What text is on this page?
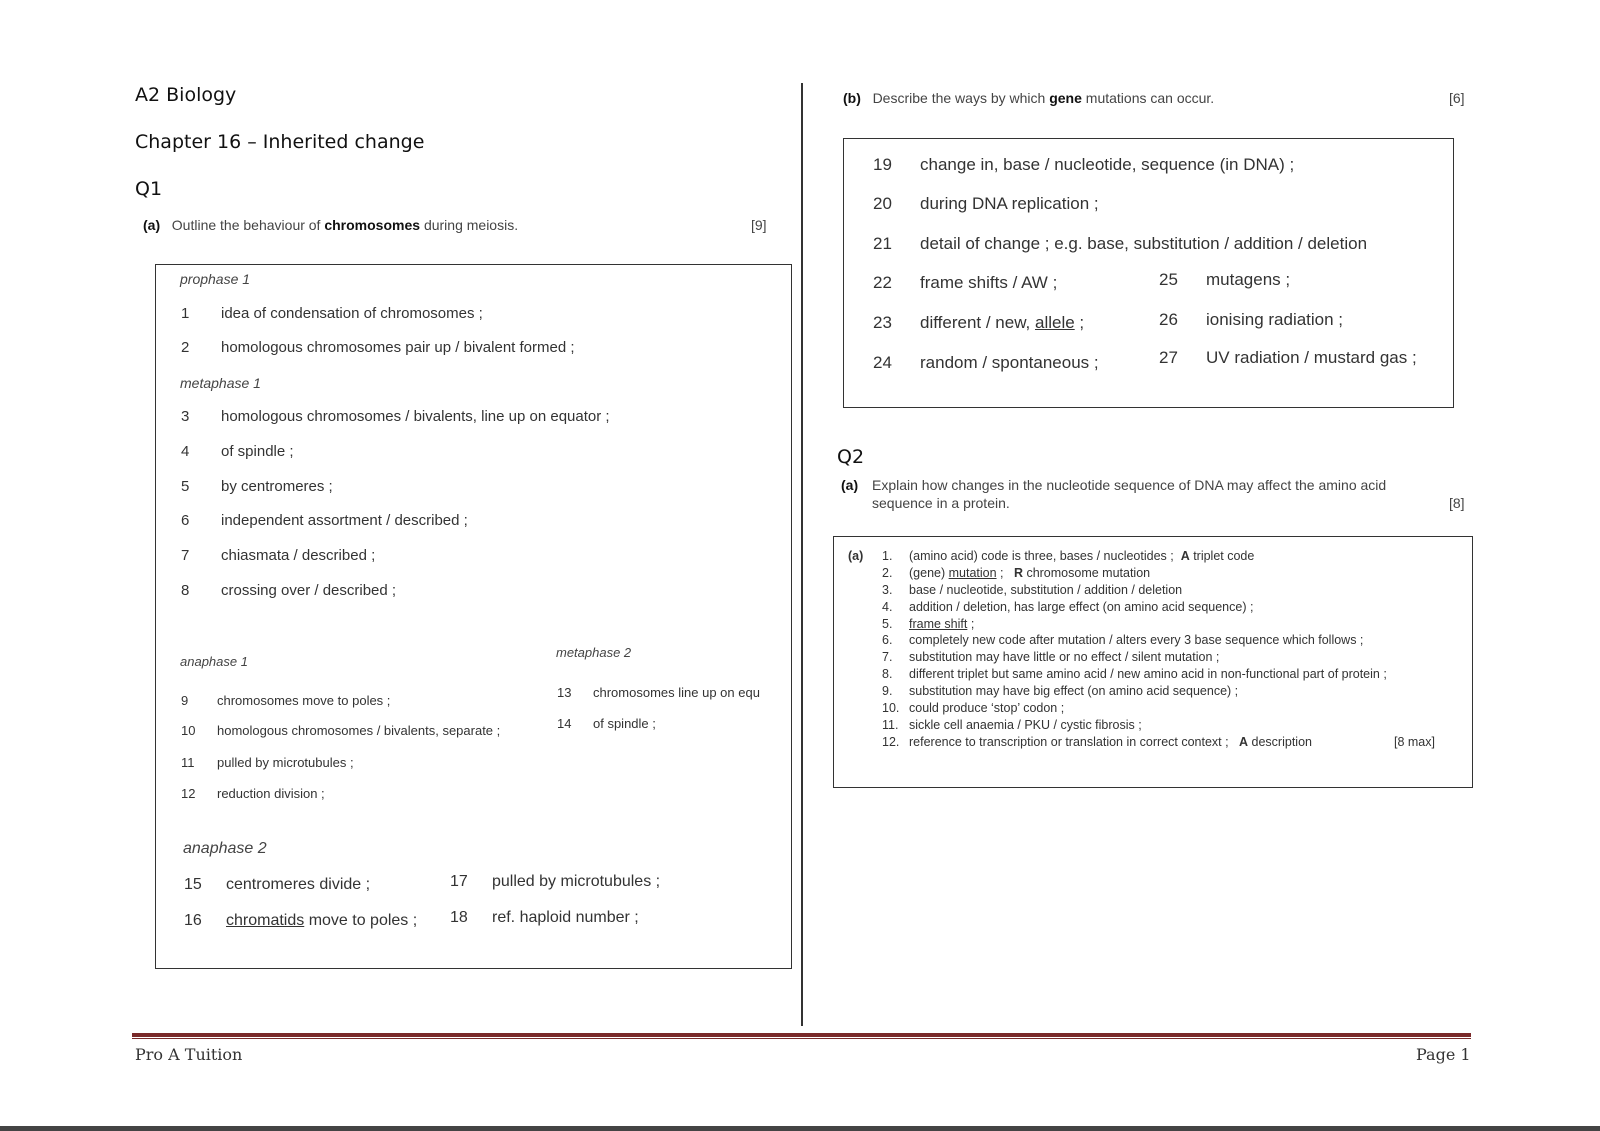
A2 Biology
Chapter 16 – Inherited change
Q1
(a) Outline the behaviour of chromosomes during meiosis.	[9]
prophase 1
1 idea of condensation of chromosomes ;
2 homologous chromosomes pair up / bivalent formed ;
metaphase 1
3 homologous chromosomes / bivalents, line up on equator ;
4 of spindle ;
5 by centromeres ;
6 independent assortment / described ;
7 chiasmata / described ;
8 crossing over / described ;
anaphase 1
9 chromosomes move to poles ;
10 homologous chromosomes / bivalents, separate ;
11 pulled by microtubules ;
12 reduction division ;
metaphase 2
13 chromosomes line up on equ
14 of spindle ;
anaphase 2
15 centromeres divide ;
16 chromatids move to poles ;
17 pulled by microtubules ;
18 ref. haploid number ;
(b) Describe the ways by which gene mutations can occur.	[6]
19 change in, base / nucleotide, sequence (in DNA) ;
20 during DNA replication ;
21 detail of change ; e.g. base, substitution / addition / deletion
22 frame shifts / AW ;
23 different / new, allele ;
24 random / spontaneous ;
25 mutagens ;
26 ionising radiation ;
27 UV radiation / mustard gas ;
Q2
(a) Explain how changes in the nucleotide sequence of DNA may affect the amino acid
sequence in a protein.	[8]
(a) 1. (amino acid) code is three, bases / nucleotides ; A triplet code
2. (gene) mutation ; R chromosome mutation
3. base / nucleotide, substitution / addition / deletion
4. addition / deletion, has large effect (on amino acid sequence) ;
5. frame shift ;
6. completely new code after mutation / alters every 3 base sequence which follows ;
7. substitution may have little or no effect / silent mutation ;
8. different triplet but same amino acid / new amino acid in non-functional part of protein ;
9. substitution may have big effect (on amino acid sequence) ;
10. could produce ‘stop’ codon ;
11. sickle cell anaemia / PKU / cystic fibrosis ;
12. reference to transcription or translation in correct context ; A description	[8 max]
Pro A Tuition	Page 1
